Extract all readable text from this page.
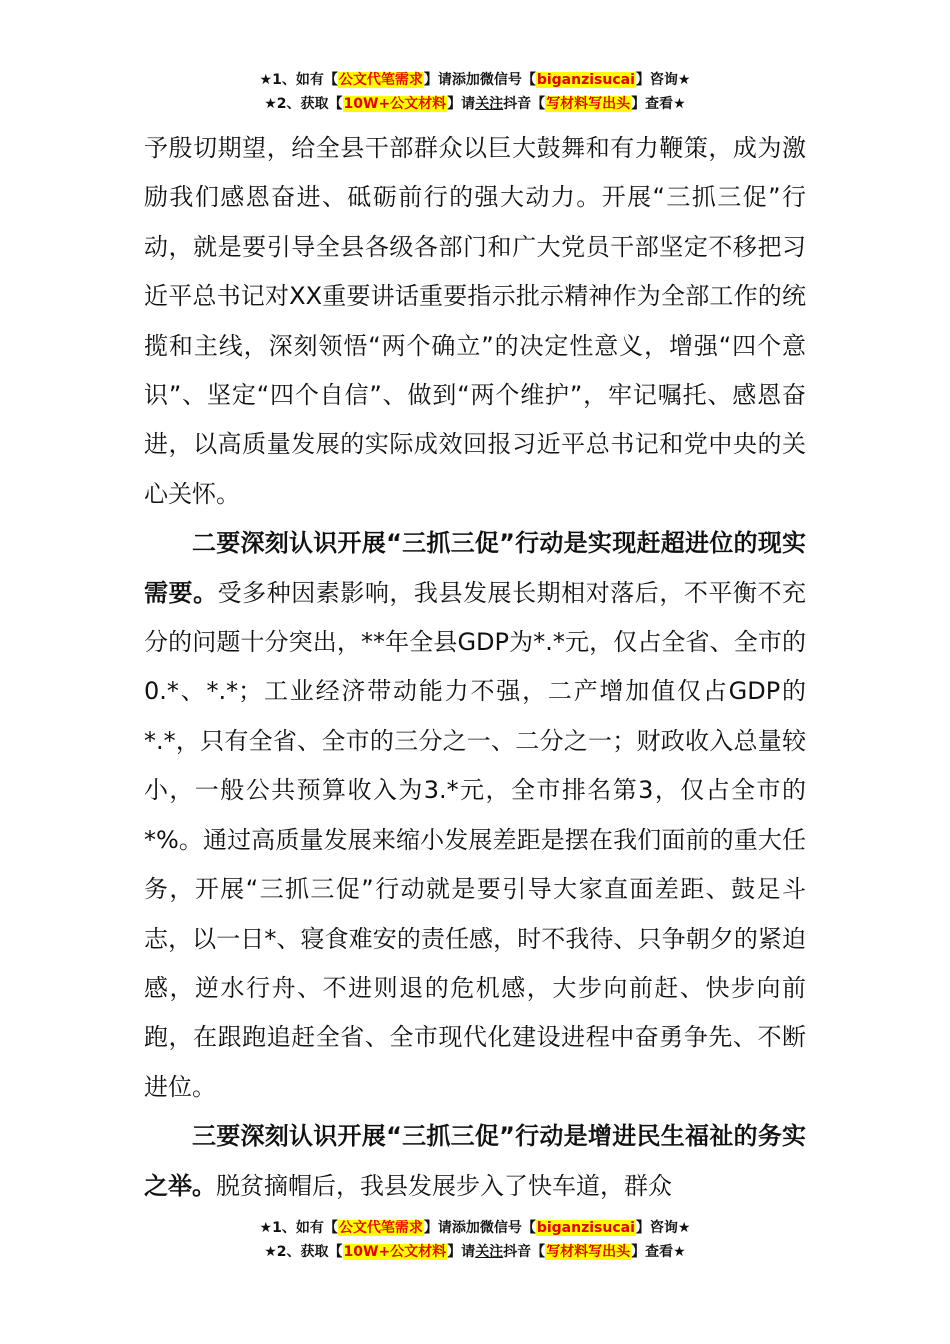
★1、如有【公文代笔需求】请添加微信号【biganzisucai】咨询★
★2、获取【10W+公文材料】请关注抖音【写材料写出头】查看★

予殷切期望，给全县干部群众以巨大鼓舞和有力鞭策，成为激励我们感恩奋进、砥砺前行的强大动力。开展“三抓三促”行动，就是要引导全县各级各部门和广大党员干部坚定不移把习近平总书记对XX重要讲话重要指示批示精神作为全部工作的统揽和主线，深刻领悟“两个确立”的决定性意义，增强“四个意识”、坚定“四个自信”、做到“两个维护”，牢记嘱托、感恩奋进，以高质量发展的实际成效回报习近平总书记和党中央的关心关怀。

二要深刻认识开展“三抓三促”行动是实现赶超进位的现实需要。受多种因素影响，我县发展长期相对落后，不平衡不充分的问题十分突出，**年全县GDP为*.*元，仅占全省、全市的0.*、*.*；工业经济带动能力不强，二产增加值仅占GDP的*.*，只有全省、全市的三分之一、二分之一；财政收入总量较小，一般公共预算收入为3.*元，全市排名第3，仅占全市的*%。通过高质量发展来缩小发展差距是摆在我们面前的重大任务，开展“三抓三促”行动就是要引导大家直面差距、鼓足斗志，以一日*、寝食难安的责任感，时不我待、只争朝夕的紧迫感，逆水行舟、不进则退的危机感，大步向前赶、快步向前跑，在跟跑追赶全省、全市现代化建设进程中奋勇争先、不断进位。

三要深刻认识开展“三抓三促”行动是增进民生福祉的务实之举。脱贫摘帽后，我县发展步入了快车道，群众

★1、如有【公文代笔需求】请添加微信号【biganzisucai】咨询★
★2、获取【10W+公文材料】请关注抖音【写材料写出头】查看★
